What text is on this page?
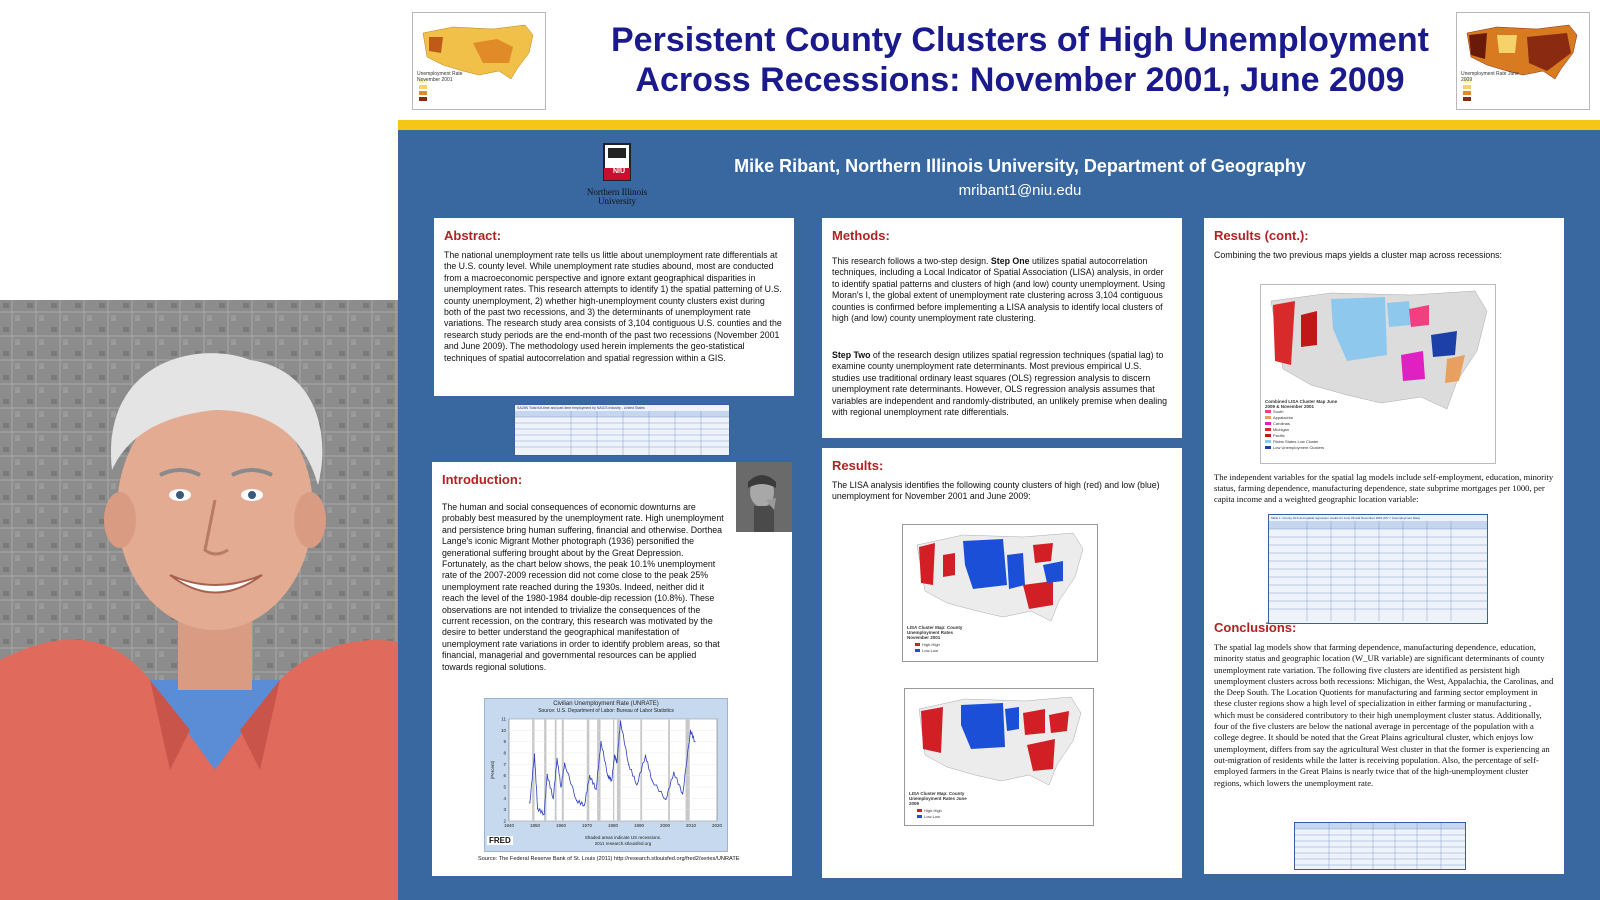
Unemployment Rate November 2001
Unemployment Rate June 2009
Persistent County Clusters of High Unemployment
Across Recessions: November 2001, June 2009
NIU
Northern Illinois University
Mike Ribant, Northern Illinois University, Department of Geography
mribant1@niu.edu
Abstract:
The national unemployment rate tells us little about unemployment rate differentials at the U.S. county level. While unemployment rate studies abound, most are conducted from a macroeconomic perspective and ignore extant geographical disparities in unemployment rates. This research attempts to identify 1) the spatial patterning of U.S. county unemployment, 2) whether high-unemployment county clusters exist during both of the past two recessions, and 3) the determinants of unemployment rate variations. The research study area consists of 3,104 contiguous U.S. counties and the research study periods are the end-month of the past two recessions (November 2001 and June 2009). The methodology used herein implements the geo-statistical techniques of spatial autocorrelation and spatial regression within a GIS.
SA25N Total full-time and part-time employment by NAICS industry - United States
Introduction:
The human and social consequences of economic downturns are probably best measured by the unemployment rate. High unemployment and persistence bring human suffering, financial and otherwise. Dorthea Lange's iconic Migrant Mother photograph (1936) personified the generational suffering brought about by the Great Depression. Fortunately, as the chart below shows, the peak 10.1% unemployment rate of the 2007-2009 recession did not come close to the peak 25% unemployment rate reached during the 1930s. Indeed, neither did it reach the level of the 1980-1984 double-dip recession (10.8%). These observations are not intended to trivialize the consequences of the current recession, on the contrary, this research was motivated by the desire to better understand the geographical manifestation of unemployment rate variations in order to identify problem areas, so that financial, managerial and governmental resources can be applied towards regional solutions.
Civilian Unemployment Rate (UNRATE)
Source: U.S. Department of Labor: Bureau of Labor Statistics
2
3
4
5
6
7
8
9
10
11
1940	1950	1960	1970	1980	1990	2000	2010	2020
(Percent)
Shaded areas indicate US recessions.
2011 research.stlouisfed.org
FRED
Source: The Federal Reserve Bank of St. Louis (2011) http://research.stlouisfed.org/fred2/series/UNRATE
Methods:
This research follows a two-step design. Step One utilizes spatial autocorrelation techniques, including a Local Indicator of Spatial Association (LISA) analysis, in order to identify spatial patterns and clusters of high (and low) county unemployment. Using Moran's I, the global extent of unemployment rate clustering across 3,104 contiguous counties is confirmed before implementing a LISA analysis to identify local clusters of high (and low) county unemployment rate clustering.
Step Two of the research design utilizes spatial regression techniques (spatial lag) to examine county unemployment rate determinants. Most previous empirical U.S. studies use traditional ordinary least squares (OLS) regression analysis to discern unemployment rate determinants. However, OLS regression analysis assumes that variables are independent and randomly-distributed, an unlikely premise when dealing with regional unemployment rate differentials.
Results:
The LISA analysis identifies the following county clusters of high (red) and low (blue) unemployment for November 2001 and June 2009:
LISA Cluster Map: County Unemployment Rates November 2001
High-High
Low-Low
LISA Cluster Map: County Unemployment Rates June 2009
High-High
Low-Low
Results (cont.):
Combining the two previous maps yields a cluster map across recessions:
Combined LISA Cluster Map June 2009 & November 2001
South
Appalachia
Carolinas
Michigan
Pacific
Plains States Low Cluster
Low Unemployment Clusters
The independent variables for the spatial lag models include self-employment, education, minority status, farming dependence, manufacturing dependence, state subprime mortgages per 1000, per capita income and a weighted geographic location variable:
Table 1: County OLS and spatial regression results for June 09 and November 2001 (DV = Unemployment Rate)
Conclusions:
The spatial lag models show that farming dependence, manufacturing dependence, education, minority status and geographic location (W_UR variable) are significant determinants of county unemployment rate variation. The following five clusters are identified as persistent high unemployment clusters across both recessions: Michigan, the West, Appalachia, the Carolinas, and the Deep South. The Location Quotients for manufacturing and farming sector employment in these cluster regions show a high level of specialization in either farming or manufacturing , which must be considered contributory to their high unemployment cluster status. Additionally, four of the five clusters are below the national average in percentage of the population with a college degree. It should be noted that the Great Plains agricultural cluster, which enjoys low unemployment, differs from say the agricultural West cluster in that the former is experiencing an out-migration of residents while the latter is receiving population. Also, the percentage of self-employed farmers in the Great Plains is nearly twice that of the high-unemployment cluster regions, which lowers the unemployment rate.
